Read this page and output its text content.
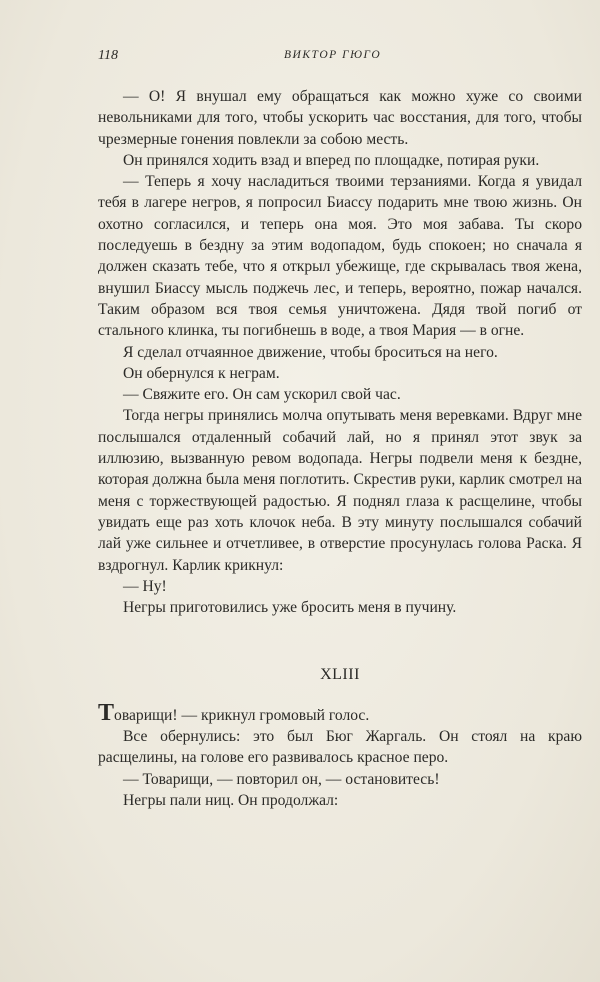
118	ВИКТОР ГЮГО

— О! Я внушал ему обращаться как можно хуже со своими невольниками для того, чтобы ускорить час восстания, для того, чтобы чрезмерные гонения повлекли за собою месть.

Он принялся ходить взад и вперед по площадке, потирая руки.

— Теперь я хочу насладиться твоими терзаниями. Когда я увидал тебя в лагере негров, я попросил Биассу подарить мне твою жизнь. Он охотно согласился, и теперь она моя. Это моя забава. Ты скоро последуешь в бездну за этим водопадом, будь спокоен; но сначала я должен сказать тебе, что я открыл убежище, где скрывалась твоя жена, внушил Биассу мысль поджечь лес, и теперь, вероятно, пожар начался. Таким образом вся твоя семья уничтожена. Дядя твой погиб от стального клинка, ты погибнешь в воде, а твоя Мария — в огне.

Я сделал отчаянное движение, чтобы броситься на него.

Он обернулся к неграм.

— Свяжите его. Он сам ускорил свой час.

Тогда негры принялись молча опутывать меня веревками. Вдруг мне послышался отдаленный собачий лай, но я принял этот звук за иллюзию, вызванную ревом водопада. Негры подвели меня к бездне, которая должна была меня поглотить. Скрестив руки, карлик смотрел на меня с торжествующей радостью. Я поднял глаза к расщелине, чтобы увидать еще раз хоть клочок неба. В эту минуту послышался собачий лай уже сильнее и отчетливее, в отверстие просунулась голова Раска. Я вздрогнул. Карлик крикнул:

— Ну!

Негры приготовились уже бросить меня в пучину.

XLIII

Товарищи! — крикнул громовый голос.

Все обернулись: это был Бюг Жаргаль. Он стоял на краю расщелины, на голове его развивалось красное перо.

— Товарищи, — повторил он, — остановитесь!

Негры пали ниц. Он продолжал:
